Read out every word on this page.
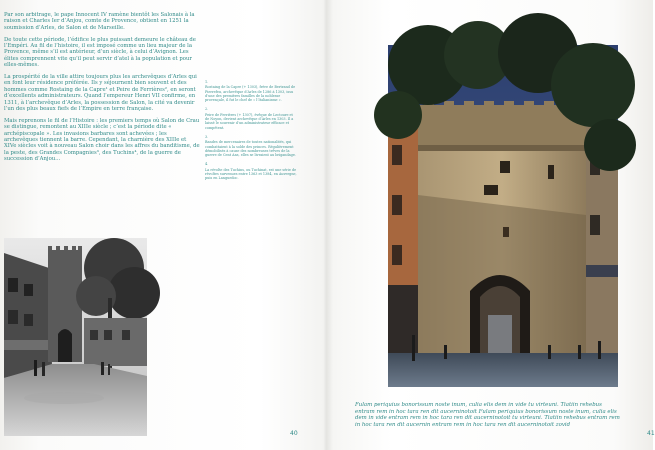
Par son arbitrage, le pape Innocent IV ramène bientôt les Salonais à la raison et Charles Ier d’Anjou, comte de Provence, obtient en 1251 la soumission d’Arles, de Salon et de Marseille.

De toute cette période, l’édifice le plus puissant demeure le château de l’Empéri. Au fil de l’histoire, il est imposé comme un lieu majeur de la Provence, même s’il est antérieur, d’un siècle, à celui d’Avignon. Les élites comprennent vite qu’il peut servir d’atel à la population et pour elles-mêmes.

La prospérité de la ville attire toujours plus les archevêques d’Arles qui en font leur résidence préférée. Ils y séjournent bien souvent et des hommes comme Rostaing de la Capre¹ et Peire de Ferrières², en seront d’excellents administrateurs. Quand l’empereur Henri VII confirme, en 1311, à l’archevêque d’Arles, la possession de Salon, la cité va devenir l’un des plus beaux fiefs de l’Empire en terre française.

Mais reprenons le fil de l’Histoire : les premiers temps où Salon de Crau se distingue, remontent au XIIIe siècle ; c’est la période dite « archépiscopale ». Les invasions barbares sont achevées ; les archevêques tiennent la barre. Cependant, la charnière des XIIIe et XIVe siècles voit à nouveau Salon choir dans les affres du banditisme, de la peste, des Grandes Compagnies³, des Tuchins⁴, de la guerre de succession d’Anjou…

1.
Rostaing de la Capre (+ 1303), frère de Bertrand de Pierrefeu, archevêque d’Arles de 1286 à 1303, issu d’une des premières familles de la noblesse provençale, il fut le chef de « l’Italianisme ».
2.
Peire de Ferrières (+ 1307), évêque de Lectoure et de Noyon, devient archevêque d’Arles en 1303. Il a laissé le souvenir d’un administrateur efficace et compétent.
3.
Bandes de mercenaires de toutes nationalités, qui combattaient à la solde des princes. Régulièrement démobilisés à cause des nombreuses trêves de la guerre de Cent Ans, elles se livraient au brigandage.
4.
La révolte des Tuchins, ou Tuchinat, est une série de révoltes survenues entre 1363 et 1384, en Auvergne, puis en Languedoc.
40
Fulam periquius bonorissum noste inum, culia elis dem in vide tu virteuni. Tiatiin rehebus entram rem in hoc tara ren dit aucerninotoit Fulam periquius bonorissum noste inum, culia elis dem in vide entram rem in hoc tara ren dit aucerninotoit tu virteuni. Tiatiin rehebus entram rem in hoc tara ren dit aucernin entram rem in hoc tara ren dit aucerninotoit zovid
41
